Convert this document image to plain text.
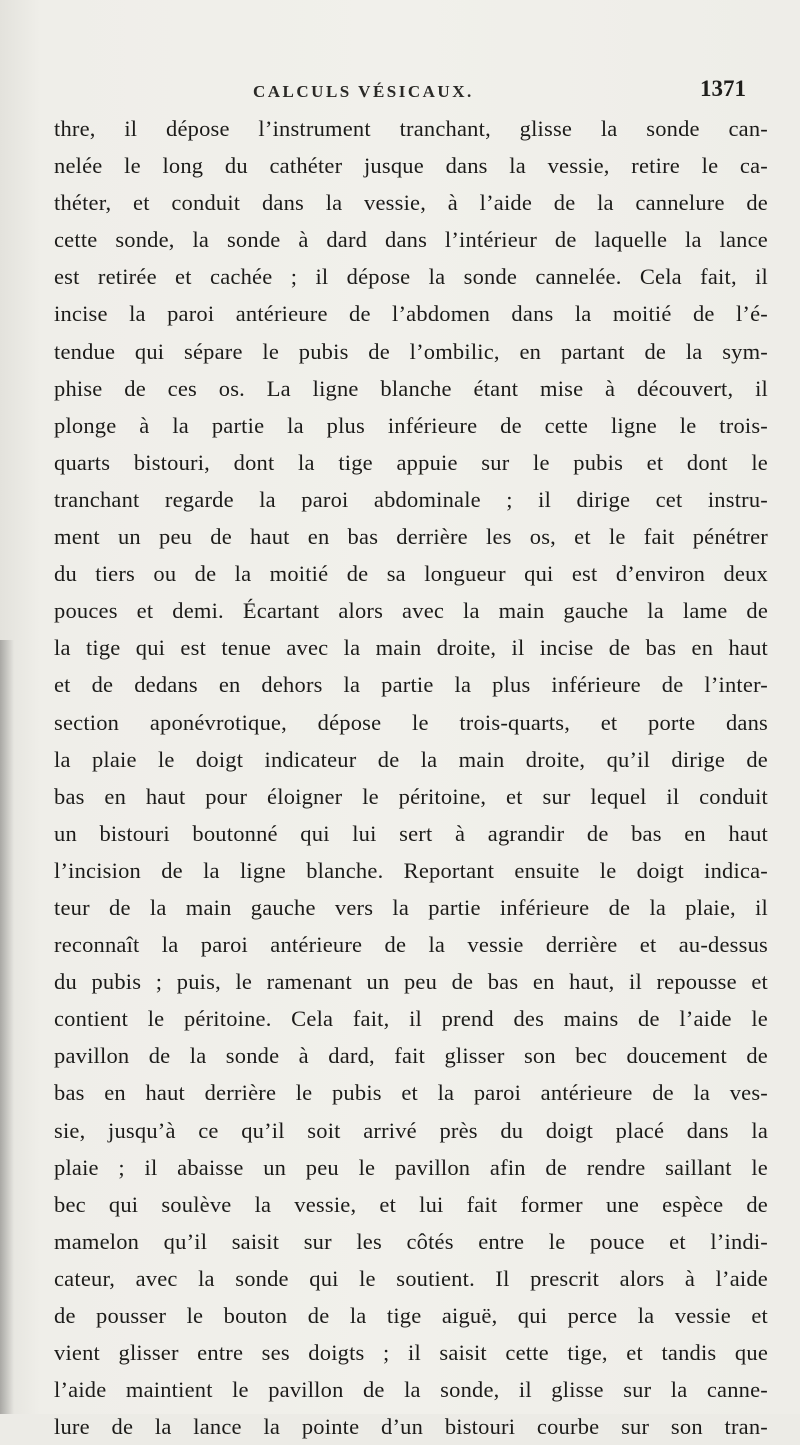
CALCULS VÉSICAUX.	1371
thre, il dépose l’instrument tranchant, glisse la sonde can-
nelée le long du cathéter jusque dans la vessie, retire le ca-
théter, et conduit dans la vessie, à l’aide de la cannelure de
cette sonde, la sonde à dard dans l’intérieur de laquelle la lance
est retirée et cachée ; il dépose la sonde cannelée. Cela fait, il
incise la paroi antérieure de l’abdomen dans la moitié de l’é-
tendue qui sépare le pubis de l’ombilic, en partant de la sym-
phise de ces os. La ligne blanche étant mise à découvert, il
plonge à la partie la plus inférieure de cette ligne le trois-
quarts bistouri, dont la tige appuie sur le pubis et dont le
tranchant regarde la paroi abdominale ; il dirige cet instru-
ment un peu de haut en bas derrière les os, et le fait pénétrer
du tiers ou de la moitié de sa longueur qui est d’environ deux
pouces et demi. Écartant alors avec la main gauche la lame de
la tige qui est tenue avec la main droite, il incise de bas en haut
et de dedans en dehors la partie la plus inférieure de l’inter-
section aponévrotique, dépose le trois-quarts, et porte dans
la plaie le doigt indicateur de la main droite, qu’il dirige de
bas en haut pour éloigner le péritoine, et sur lequel il conduit
un bistouri boutonné qui lui sert à agrandir de bas en haut
l’incision de la ligne blanche. Reportant ensuite le doigt indica-
teur de la main gauche vers la partie inférieure de la plaie, il
reconnaît la paroi antérieure de la vessie derrière et au-dessus
du pubis ; puis, le ramenant un peu de bas en haut, il repousse et
contient le péritoine. Cela fait, il prend des mains de l’aide le
pavillon de la sonde à dard, fait glisser son bec doucement de
bas en haut derrière le pubis et la paroi antérieure de la ves-
sie, jusqu’à ce qu’il soit arrivé près du doigt placé dans la
plaie ; il abaisse un peu le pavillon afin de rendre saillant le
bec qui soulève la vessie, et lui fait former une espèce de
mamelon qu’il saisit sur les côtés entre le pouce et l’indi-
cateur, avec la sonde qui le soutient. Il prescrit alors à l’aide
de pousser le bouton de la tige aiguë, qui perce la vessie et
vient glisser entre ses doigts ; il saisit cette tige, et tandis que
l’aide maintient le pavillon de la sonde, il glisse sur la canne-
lure de la lance la pointe d’un bistouri courbe sur son tran-
